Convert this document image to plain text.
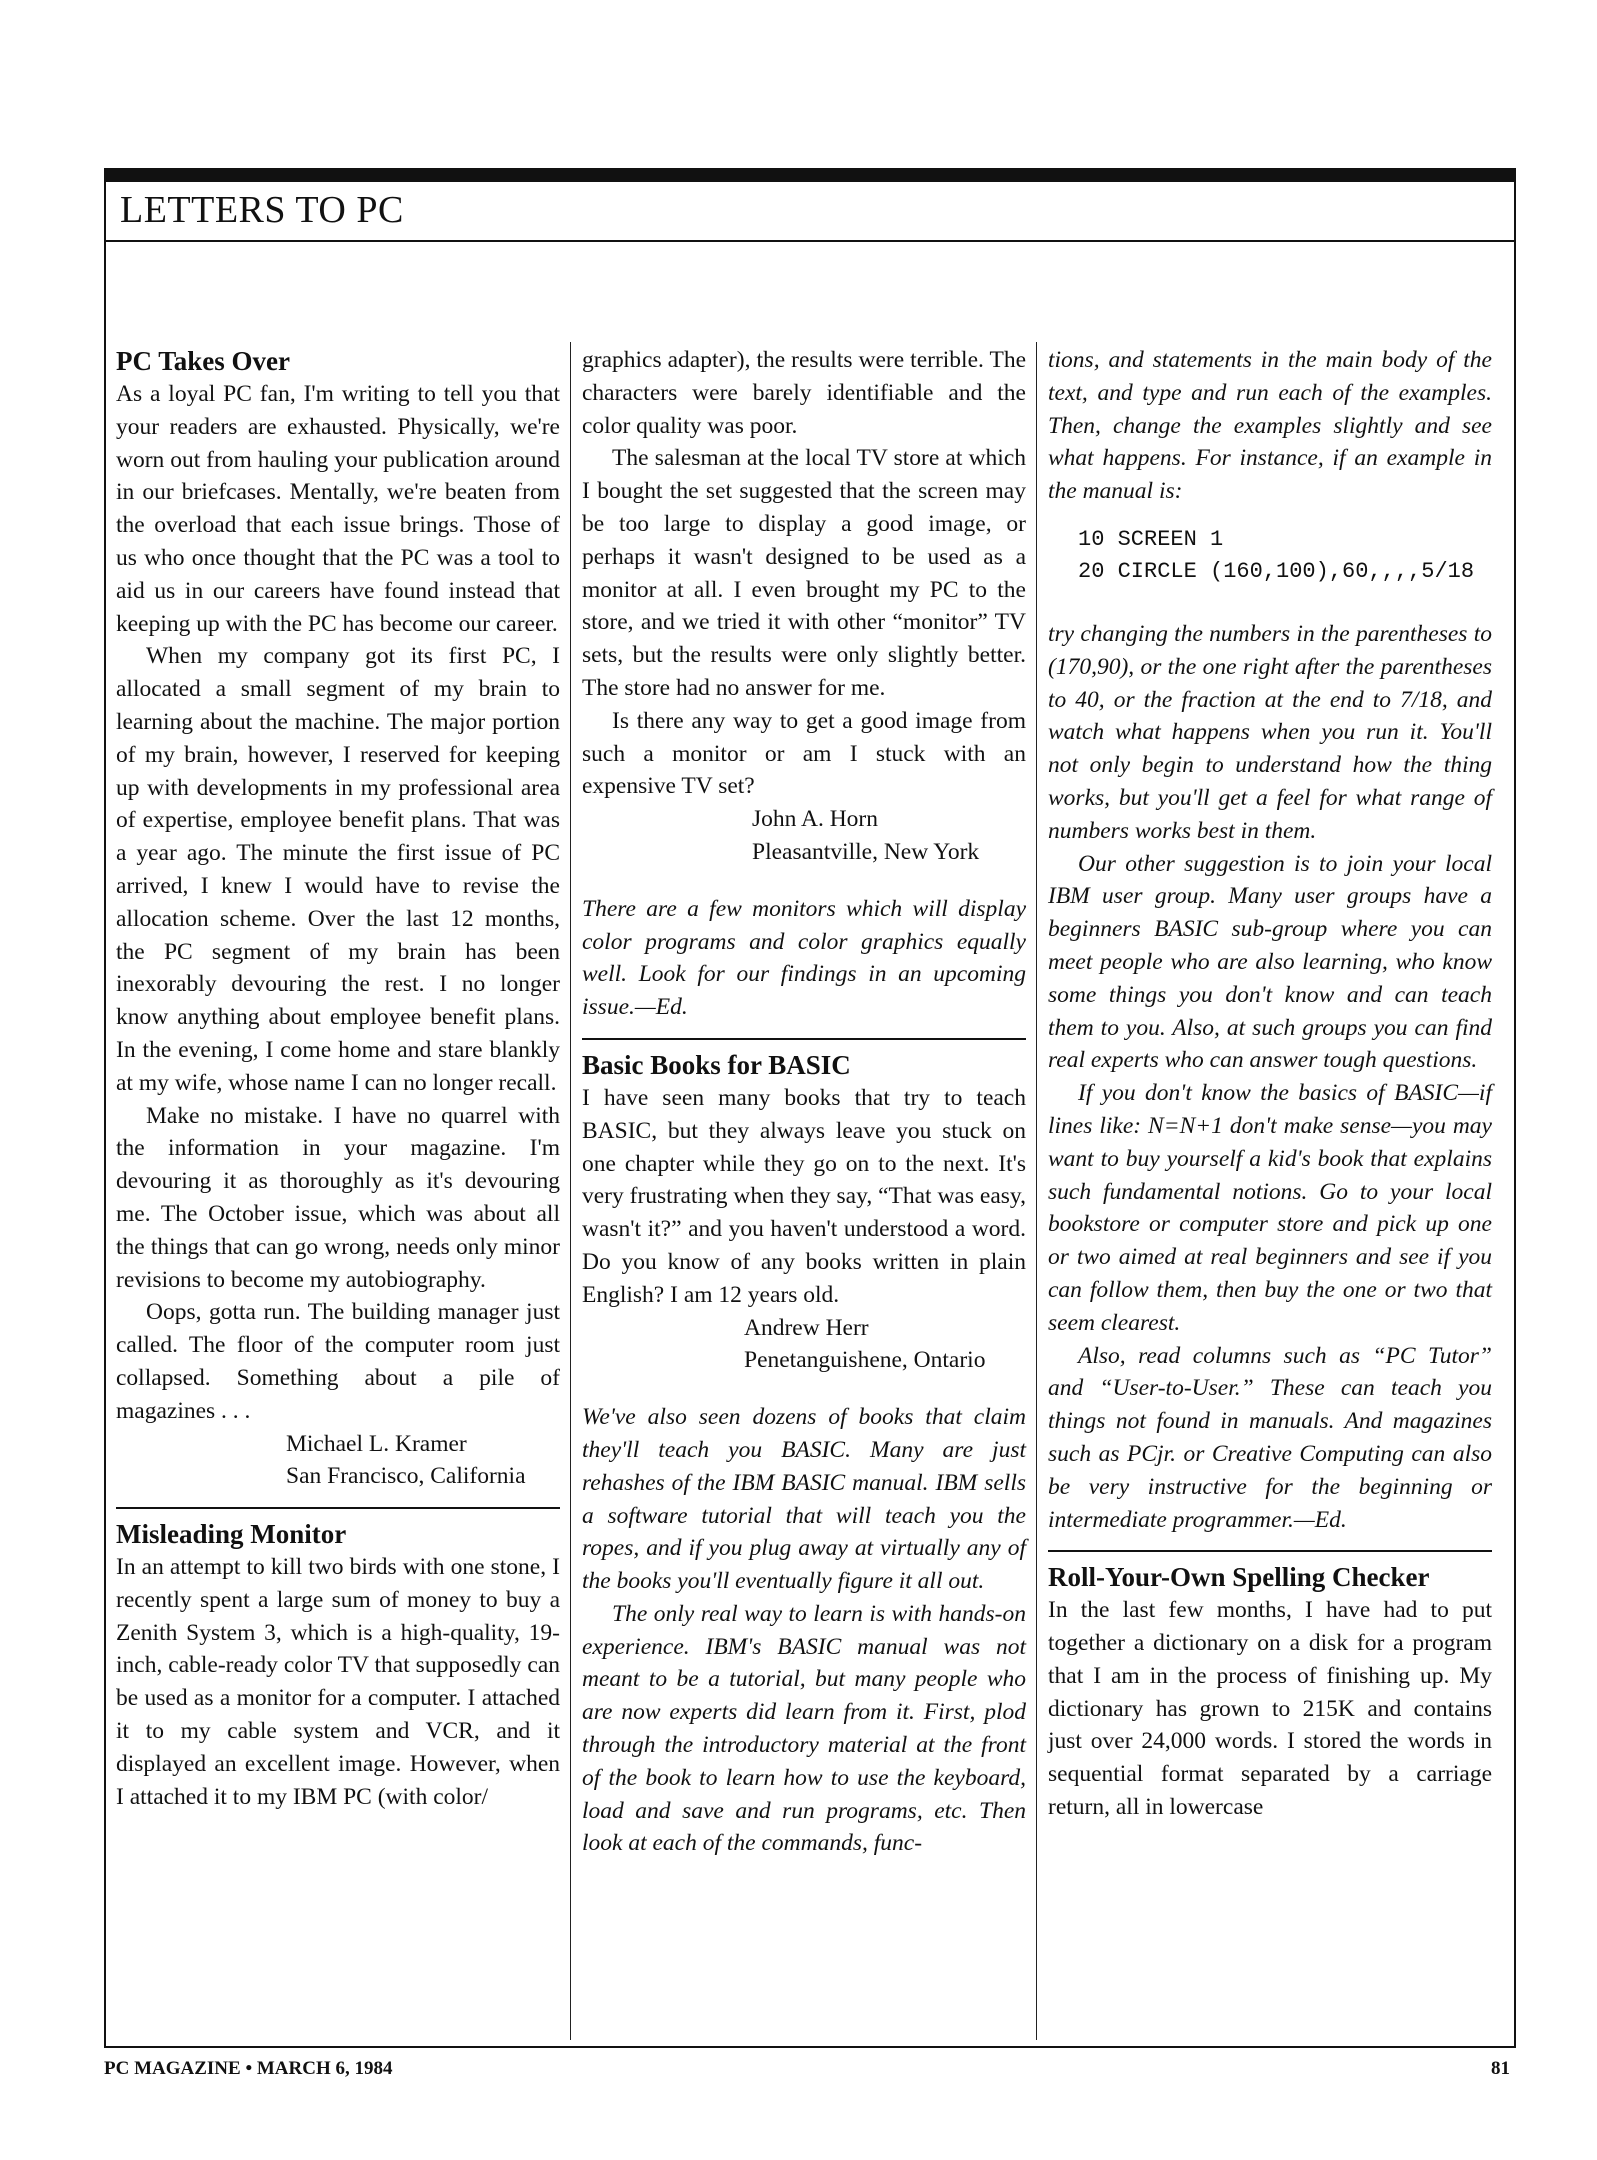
LETTERS TO PC
PC Takes Over

As a loyal PC fan, I'm writing to tell you that your readers are exhausted. Physically, we're worn out from hauling your publication around in our briefcases. Mentally, we're beaten from the overload that each issue brings. Those of us who once thought that the PC was a tool to aid us in our careers have found instead that keeping up with the PC has become our career.

When my company got its first PC, I allocated a small segment of my brain to learning about the machine. The major portion of my brain, however, I reserved for keeping up with developments in my professional area of expertise, employee benefit plans. That was a year ago. The minute the first issue of PC arrived, I knew I would have to revise the allocation scheme. Over the last 12 months, the PC segment of my brain has been inexorably devouring the rest. I no longer know anything about employee benefit plans. In the evening, I come home and stare blankly at my wife, whose name I can no longer recall.

Make no mistake. I have no quarrel with the information in your magazine. I'm devouring it as thoroughly as it's devouring me. The October issue, which was about all the things that can go wrong, needs only minor revisions to become my autobiography.

Oops, gotta run. The building manager just called. The floor of the computer room just collapsed. Something about a pile of magazines . . .

Michael L. Kramer
San Francisco, California
Misleading Monitor

In an attempt to kill two birds with one stone, I recently spent a large sum of money to buy a Zenith System 3, which is a high-quality, 19-inch, cable-ready color TV that supposedly can be used as a monitor for a computer. I attached it to my cable system and VCR, and it displayed an excellent image. However, when I attached it to my IBM PC (with color/

graphics adapter), the results were terrible. The characters were barely identifiable and the color quality was poor.

The salesman at the local TV store at which I bought the set suggested that the screen may be too large to display a good image, or perhaps it wasn't designed to be used as a monitor at all. I even brought my PC to the store, and we tried it with other “monitor” TV sets, but the results were only slightly better. The store had no answer for me.

Is there any way to get a good image from such a monitor or am I stuck with an expensive TV set?

John A. Horn
Pleasantville, New York

There are a few monitors which will display color programs and color graphics equally well. Look for our findings in an upcoming issue.—Ed.

Basic Books for BASIC

I have seen many books that try to teach BASIC, but they always leave you stuck on one chapter while they go on to the next. It's very frustrating when they say, “That was easy, wasn't it?” and you haven't understood a word. Do you know of any books written in plain English? I am 12 years old.

Andrew Herr
Penetanguishene, Ontario

We've also seen dozens of books that claim they'll teach you BASIC. Many are just rehashes of the IBM BASIC manual. IBM sells a software tutorial that will teach you the ropes, and if you plug away at virtually any of the books you'll eventually figure it all out.

The only real way to learn is with hands-on experience. IBM's BASIC manual was not meant to be a tutorial, but many people who are now experts did learn from it. First, plod through the introductory material at the front of the book to learn how to use the keyboard, load and save and run programs, etc. Then look at each of the commands, func-

tions, and statements in the main body of the text, and type and run each of the examples. Then, change the examples slightly and see what happens. For instance, if an example in the manual is:

10 SCREEN 1
20 CIRCLE (160,100),60,,,,5/18

try changing the numbers in the parentheses to (170,90), or the one right after the parentheses to 40, or the fraction at the end to 7/18, and watch what happens when you run it. You'll not only begin to understand how the thing works, but you'll get a feel for what range of numbers works best in them.

Our other suggestion is to join your local IBM user group. Many user groups have a beginners BASIC sub-group where you can meet people who are also learning, who know some things you don't know and can teach them to you. Also, at such groups you can find real experts who can answer tough questions.

If you don't know the basics of BASIC—if lines like: N=N+1 don't make sense—you may want to buy yourself a kid's book that explains such fundamental notions. Go to your local bookstore or computer store and pick up one or two aimed at real beginners and see if you can follow them, then buy the one or two that seem clearest.

Also, read columns such as “PC Tutor” and “User-to-User.” These can teach you things not found in manuals. And magazines such as PCjr. or Creative Computing can also be very instructive for the beginning or intermediate programmer.—Ed.

Roll-Your-Own Spelling Checker

In the last few months, I have had to put together a dictionary on a disk for a program that I am in the process of finishing up. My dictionary has grown to 215K and contains just over 24,000 words. I stored the words in sequential format separated by a carriage return, all in lowercase

PC MAGAZINE • MARCH 6, 1984	81
